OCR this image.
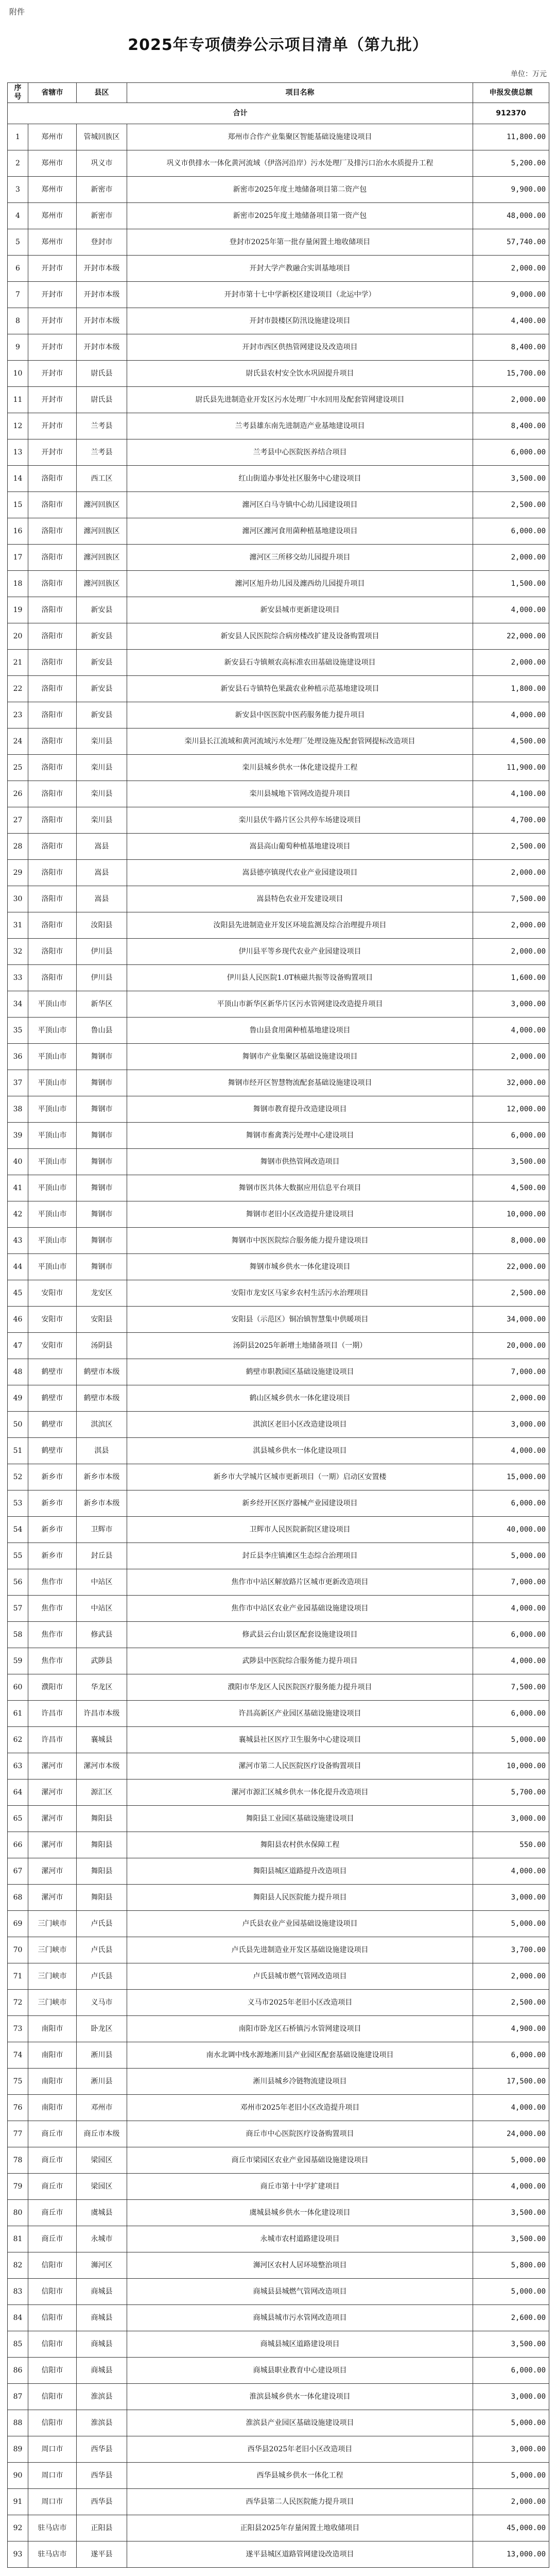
附件
2025年专项债券公示项目清单（第九批）
单位：万元
序号	省辖市	县区	项目名称	申报发债总额
合计				912370
1	郑州市	管城回族区	郑州市合作产业集聚区智能基础设施建设项目	11,800.00
2	郑州市	巩义市	巩义市供排水一体化黄河流域（伊洛河沿岸）污水处理厂及排污口治水水质提升工程	5,200.00
3	郑州市	新密市	新密市2025年度土地储备项目第二资产包	9,900.00
4	郑州市	新密市	新密市2025年度土地储备项目第一资产包	48,000.00
5	郑州市	登封市	登封市2025年第一批存量闲置土地收储项目	57,740.00
6	开封市	开封市本级	开封大学产教融合实训基地项目	2,000.00
7	开封市	开封市本级	开封市第十七中学新校区建设项目（北运中学）	9,000.00
8	开封市	开封市本级	开封市鼓楼区防汛设施建设项目	4,400.00
9	开封市	开封市本级	开封市西区供热管网建设及改造项目	8,400.00
10	开封市	尉氏县	尉氏县农村安全饮水巩固提升项目	15,700.00
11	开封市	尉氏县	尉氏县先进制造业开发区污水处理厂中水回用及配套管网建设项目	2,000.00
12	开封市	兰考县	兰考县雄东南先进制造产业基地建设项目	8,400.00
13	开封市	兰考县	兰考县中心医院医养结合项目	6,000.00
14	洛阳市	西工区	红山街道办事处社区服务中心建设项目	3,500.00
15	洛阳市	瀍河回族区	瀍河区白马寺镇中心幼儿园建设项目	2,500.00
16	洛阳市	瀍河回族区	瀍河区瀍河食用菌种植基地建设项目	6,000.00
17	洛阳市	瀍河回族区	瀍河区三所移交幼儿园提升项目	2,000.00
18	洛阳市	瀍河回族区	瀍河区旭升幼儿园及瀍西幼儿园提升项目	1,500.00
19	洛阳市	新安县	新安县城市更新建设项目	4,000.00
20	洛阳市	新安县	新安县人民医院综合病房楼改扩建及设备购置项目	22,000.00
21	洛阳市	新安县	新安县石寺镇颊农高标准农田基础设施建设项目	2,000.00
22	洛阳市	新安县	新安县石寺镇特色果蔬农业种植示范基地建设项目	1,800.00
23	洛阳市	新安县	新安县中医医院中医药服务能力提升项目	4,000.00
24	洛阳市	栾川县	栾川县长江流域和黄河流域污水处理厂处理设施及配套管网提标改造项目	4,500.00
25	洛阳市	栾川县	栾川县城乡供水一体化建设提升工程	11,900.00
26	洛阳市	栾川县	栾川县城地下管网改造提升项目	4,100.00
27	洛阳市	栾川县	栾川县伏牛路片区公共停车场建设项目	4,700.00
28	洛阳市	嵩县	嵩县高山葡萄种植基地建设项目	2,500.00
29	洛阳市	嵩县	嵩县德亭镇现代农业产业园建设项目	2,000.00
30	洛阳市	嵩县	嵩县特色农业开发建设项目	7,500.00
31	洛阳市	汝阳县	汝阳县先进制造业开发区环境监测及综合治理提升项目	2,000.00
32	洛阳市	伊川县	伊川县平等乡现代农业产业园建设项目	2,000.00
33	洛阳市	伊川县	伊川县人民医院1.0T核磁共振等设备购置项目	1,600.00
34	平顶山市	新华区	平顶山市新华区新华片区污水管网建设改造提升项目	3,000.00
35	平顶山市	鲁山县	鲁山县食用菌种植基地建设项目	4,000.00
36	平顶山市	舞钢市	舞钢市产业集聚区基础设施建设项目	2,000.00
37	平顶山市	舞钢市	舞钢市经开区智慧物流配套基础设施建设项目	32,000.00
38	平顶山市	舞钢市	舞钢市教育提升改造建设项目	12,000.00
39	平顶山市	舞钢市	舞钢市畜禽粪污处理中心建设项目	6,000.00
40	平顶山市	舞钢市	舞钢市供热管网改造项目	3,500.00
41	平顶山市	舞钢市	舞钢市医共体大数据应用信息平台项目	4,500.00
42	平顶山市	舞钢市	舞钢市老旧小区改造提升建设项目	10,000.00
43	平顶山市	舞钢市	舞钢市中医医院综合服务能力提升建设项目	8,000.00
44	平顶山市	舞钢市	舞钢市城乡供水一体化建设项目	22,000.00
45	安阳市	龙安区	安阳市龙安区马家乡农村生活污水治理项目	2,500.00
46	安阳市	安阳县	安阳县（示范区）铜冶镇智慧集中供暖项目	34,000.00
47	安阳市	汤阴县	汤阴县2025年新增土地储备项目（一期）	20,000.00
48	鹤壁市	鹤壁市本级	鹤壁市职教园区基础设施建设项目	7,000.00
49	鹤壁市	鹤壁市本级	鹤山区城乡供水一体化建设项目	2,000.00
50	鹤壁市	淇滨区	淇滨区老旧小区改造建设项目	3,000.00
51	鹤壁市	淇县	淇县城乡供水一体化建设项目	4,000.00
52	新乡市	新乡市本级	新乡市大学城片区城市更新项目（一期）启动区安置楼	15,000.00
53	新乡市	新乡市本级	新乡经开区医疗器械产业园建设项目	6,000.00
54	新乡市	卫辉市	卫辉市人民医院新院区建设项目	40,000.00
55	新乡市	封丘县	封丘县李庄镇滩区生态综合治理项目	5,000.00
56	焦作市	中站区	焦作市中站区解放路片区城市更新改造项目	7,000.00
57	焦作市	中站区	焦作市中站区农业产业园基础设施建设项目	4,000.00
58	焦作市	修武县	修武县云台山景区配套设施建设项目	6,000.00
59	焦作市	武陟县	武陟县中医院综合服务能力提升项目	4,000.00
60	濮阳市	华龙区	濮阳市华龙区人民医院医疗服务能力提升项目	7,500.00
61	许昌市	许昌市本级	许昌高新区产业园区基础设施建设项目	6,000.00
62	许昌市	襄城县	襄城县社区医疗卫生服务中心建设项目	5,000.00
63	漯河市	漯河市本级	漯河市第二人民医院医疗设备购置项目	10,000.00
64	漯河市	源汇区	漯河市源汇区城乡供水一体化提升改造项目	5,700.00
65	漯河市	舞阳县	舞阳县工业园区基础设施建设项目	3,000.00
66	漯河市	舞阳县	舞阳县农村供水保障工程	550.00
67	漯河市	舞阳县	舞阳县城区道路提升改造项目	4,000.00
68	漯河市	舞阳县	舞阳县人民医院能力提升项目	3,000.00
69	三门峡市	卢氏县	卢氏县农业产业园基础设施建设项目	5,000.00
70	三门峡市	卢氏县	卢氏县先进制造业开发区基础设施建设项目	3,700.00
71	三门峡市	卢氏县	卢氏县城市燃气管网改造项目	2,000.00
72	三门峡市	义马市	义马市2025年老旧小区改造项目	2,500.00
73	南阳市	卧龙区	南阳市卧龙区石桥镇污水管网建设项目	4,900.00
74	南阳市	淅川县	南水北调中线水源地淅川县产业园区配套基础设施建设项目	6,000.00
75	南阳市	淅川县	淅川县城乡冷链物流建设项目	17,500.00
76	南阳市	邓州市	邓州市2025年老旧小区改造提升项目	4,000.00
77	商丘市	商丘市本级	商丘市中心医院医疗设备购置项目	24,000.00
78	商丘市	梁园区	商丘市梁园区农业产业园基础设施建设项目	5,000.00
79	商丘市	梁园区	商丘市第十中学扩建项目	4,000.00
80	商丘市	虞城县	虞城县城乡供水一体化建设项目	3,500.00
81	商丘市	永城市	永城市农村道路建设项目	3,500.00
82	信阳市	浉河区	浉河区农村人居环境整治项目	5,800.00
83	信阳市	商城县	商城县县城燃气管网改造项目	5,000.00
84	信阳市	商城县	商城县城市污水管网改造项目	2,600.00
85	信阳市	商城县	商城县城区道路建设项目	3,500.00
86	信阳市	商城县	商城县职业教育中心建设项目	6,000.00
87	信阳市	淮滨县	淮滨县城乡供水一体化建设项目	3,000.00
88	信阳市	淮滨县	淮滨县产业园区基础设施建设项目	5,000.00
89	周口市	西华县	西华县2025年老旧小区改造项目	3,000.00
90	周口市	西华县	西华县城乡供水一体化工程	5,000.00
91	周口市	西华县	西华县第二人民医院能力提升项目	2,000.00
92	驻马店市	正阳县	正阳县2025年存量闲置土地收储项目	45,000.00
93	驻马店市	遂平县	遂平县城区道路管网建设改造项目	13,000.00
